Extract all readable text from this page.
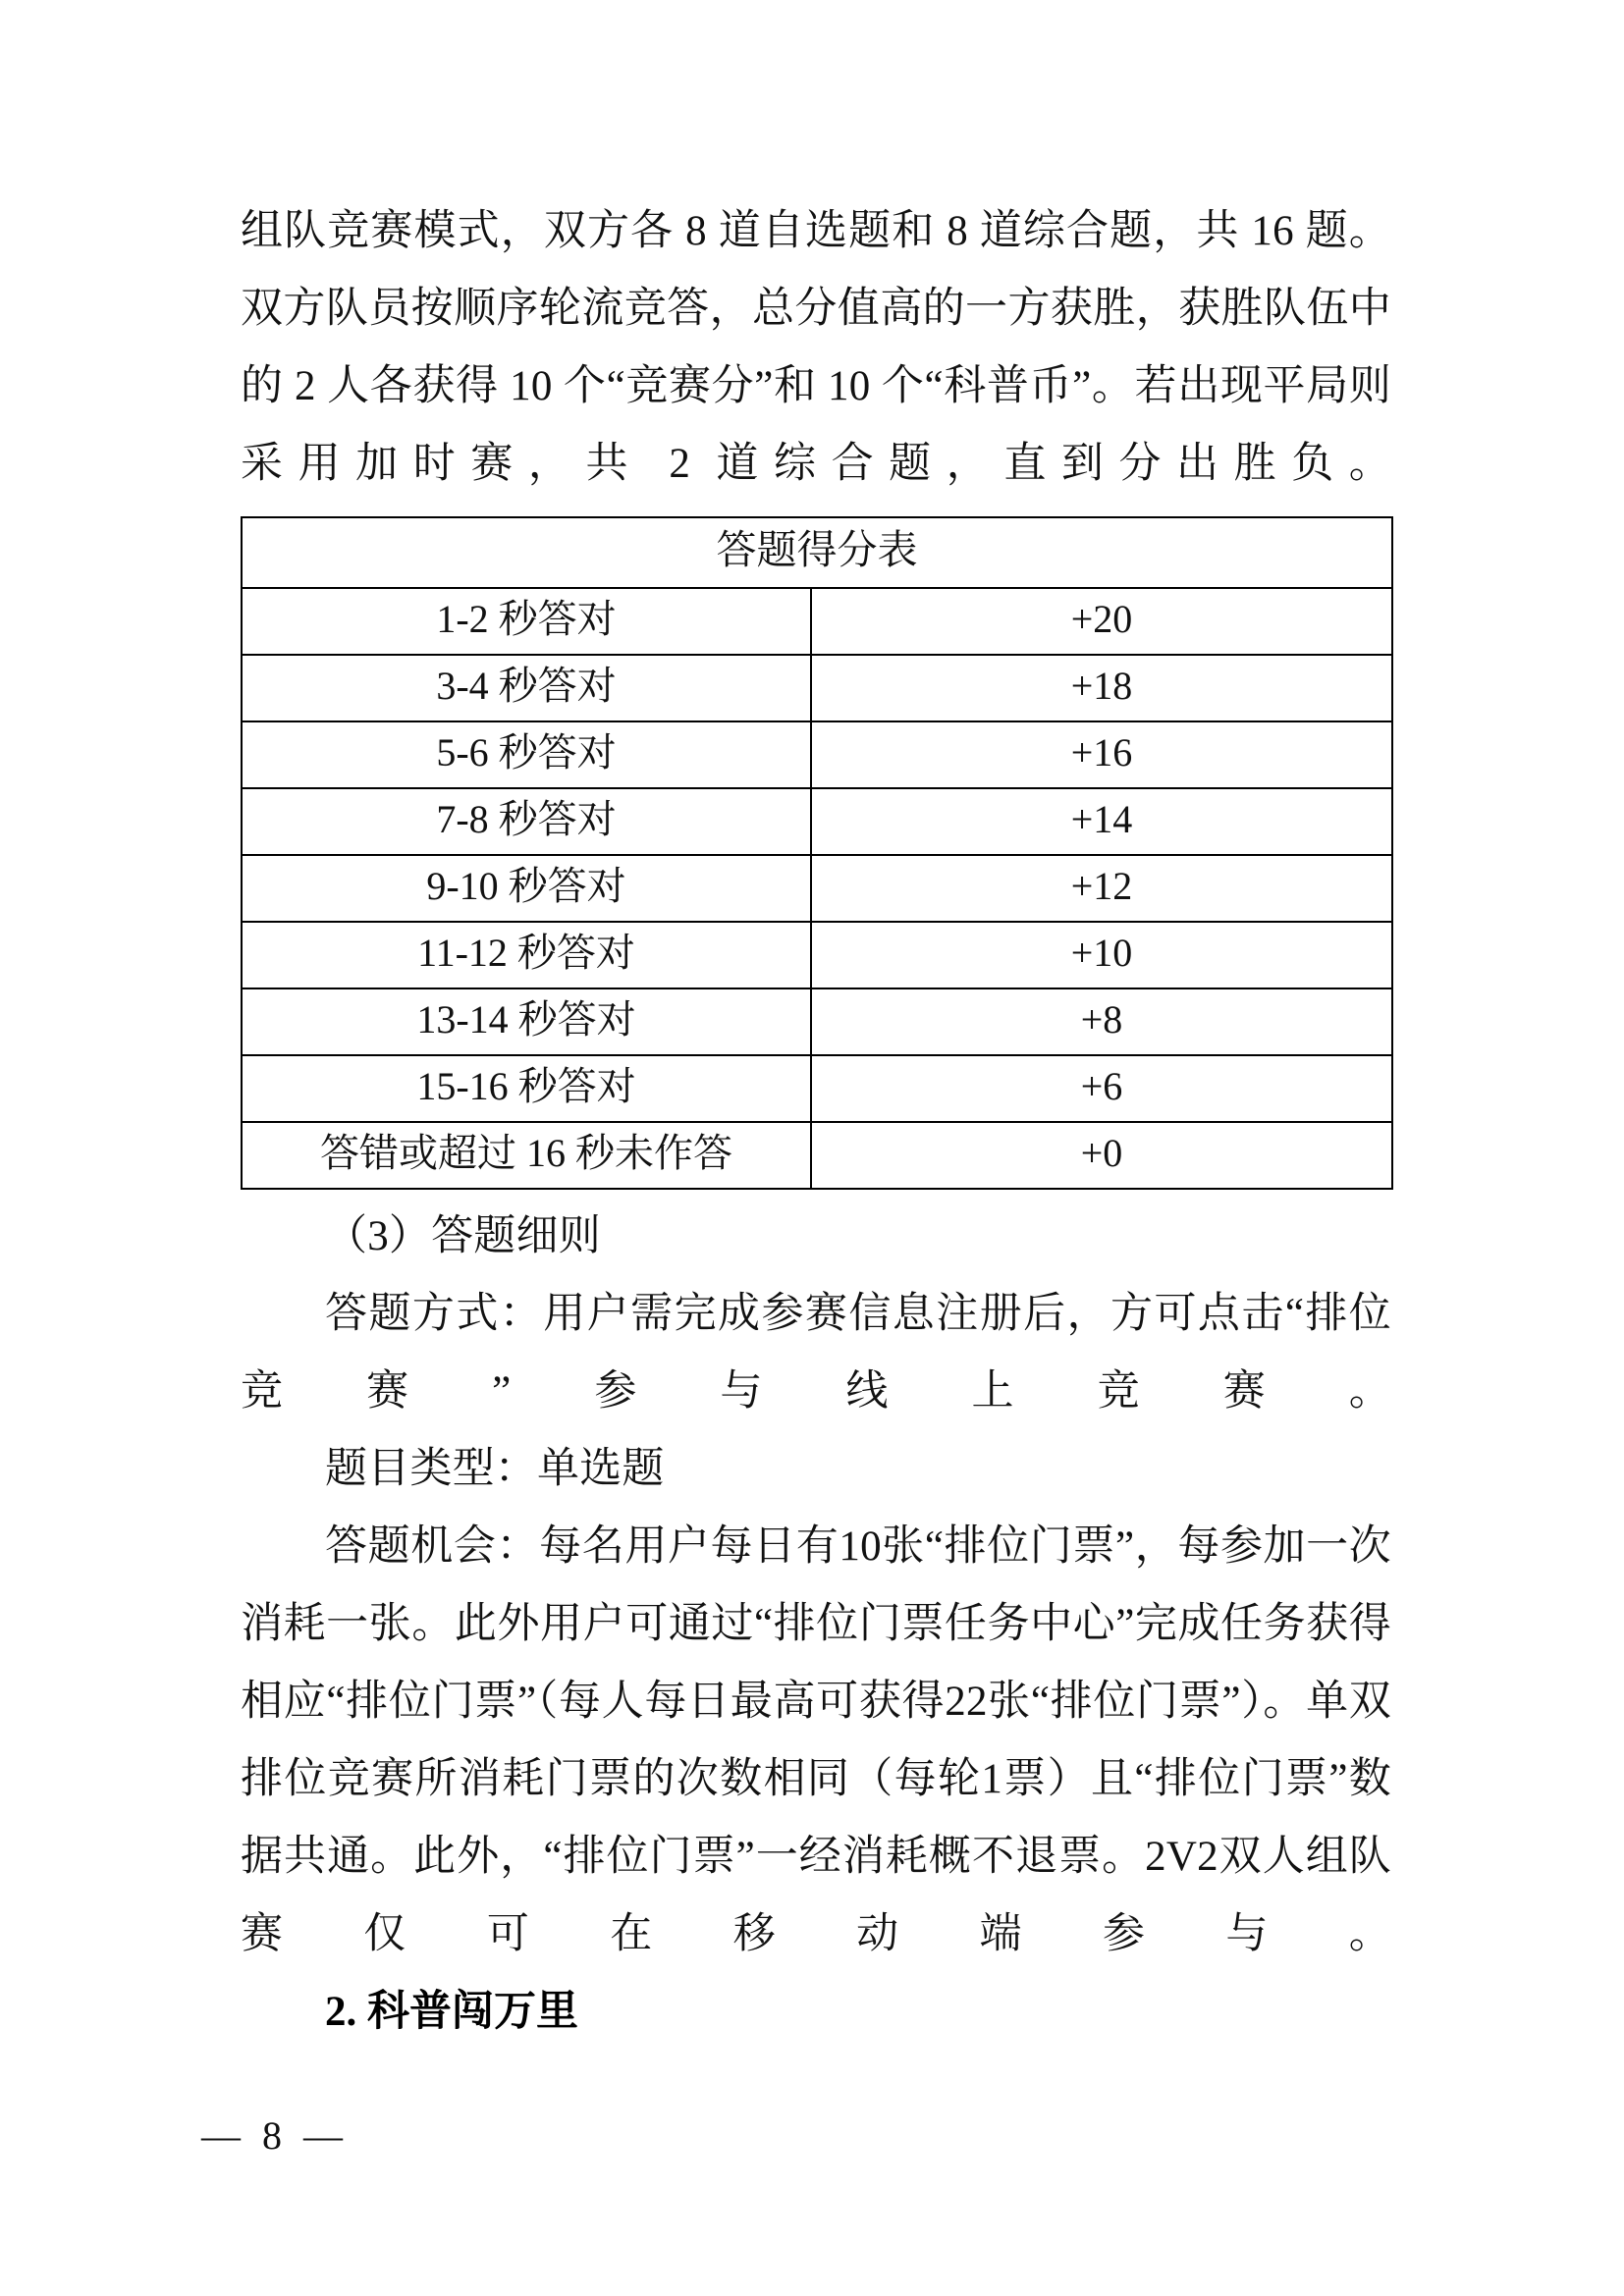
组队竞赛模式，双方各 8 道自选题和 8 道综合题，共 16 题。双方队员按顺序轮流竞答，总分值高的一方获胜，获胜队伍中的 2 人各获得 10 个“竞赛分”和 10 个“科普币”。若出现平局则采用加时赛，共 2 道综合题，直到分出胜负。

答题得分表	
1-2 秒答对	+20
3-4 秒答对	+18
5-6 秒答对	+16
7-8 秒答对	+14
9-10 秒答对	+12
11-12 秒答对	+10
13-14 秒答对	+8
15-16 秒答对	+6
答错或超过 16 秒未作答	+0

（3）答题细则

答题方式：用户需完成参赛信息注册后，方可点击“排位竞赛”参与线上竞赛。

题目类型：单选题

答题机会：每名用户每日有10张“排位门票”，每参加一次消耗一张。此外用户可通过“排位门票任务中心”完成任务获得相应“排位门票”（每人每日最高可获得22张“排位门票”）。单双排位竞赛所消耗门票的次数相同（每轮1票）且“排位门票”数据共通。此外，“排位门票”一经消耗概不退票。2V2双人组队赛仅可在移动端参与。

2. 科普闯万里

— 8 —
